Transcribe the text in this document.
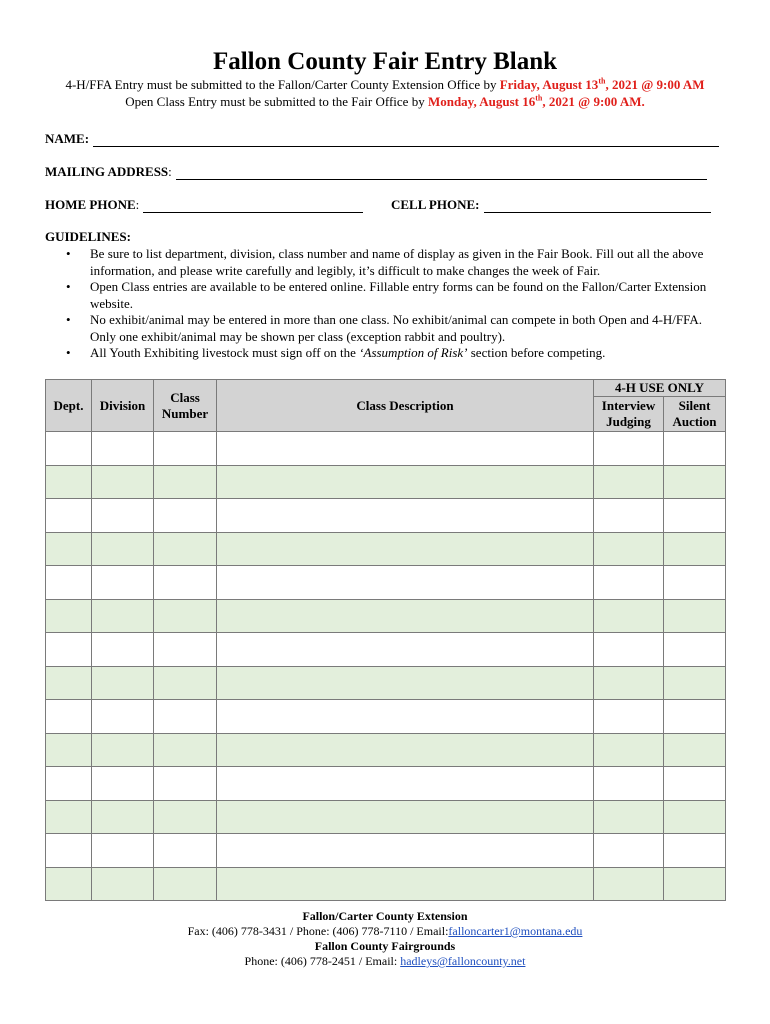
Fallon County Fair Entry Blank
4-H/FFA Entry must be submitted to the Fallon/Carter County Extension Office by Friday, August 13th, 2021 @ 9:00 AM
Open Class Entry must be submitted to the Fair Office by Monday, August 16th, 2021 @ 9:00 AM.
NAME:
MAILING ADDRESS :
HOME PHONE :	CELL PHONE:
GUIDELINES:
• Be sure to list department, division, class number and name of display as given in the Fair Book. Fill out all the above information, and please write carefully and legibly, it’s difficult to make changes the week of Fair.
• Open Class entries are available to be entered online. Fillable entry forms can be found on the Fallon/Carter Extension website.
• No exhibit/animal may be entered in more than one class. No exhibit/animal can compete in both Open and 4-H/FFA. Only one exhibit/animal may be shown per class (exception rabbit and poultry).
• All Youth Exhibiting livestock must sign off on the ‘Assumption of Risk’ section before competing.
Dept.	Division	Class Number	Class Description	4-H USE ONLY	
				Interview Judging	Silent Auction

Fallon/Carter County Extension
Fax: (406) 778-3431 / Phone: (406) 778-7110 / Email:falloncarter1@montana.edu
Fallon County Fairgrounds
Phone: (406) 778-2451 / Email: hadleys@falloncounty.net
